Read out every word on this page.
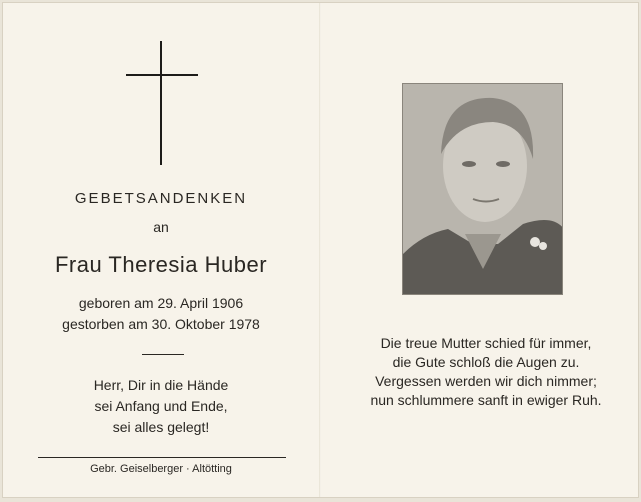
GEBETSANDENKEN
an
Frau Theresia Huber
geboren am 29. April 1906
gestorben am 30. Oktober 1978
Herr, Dir in die Hände
sei Anfang und Ende,
sei alles gelegt!
Gebr. Geiselberger · Altötting
Die treue Mutter schied für immer,
die Gute schloß die Augen zu.
Vergessen werden wir dich nimmer;
nun schlummere sanft in ewiger Ruh.
